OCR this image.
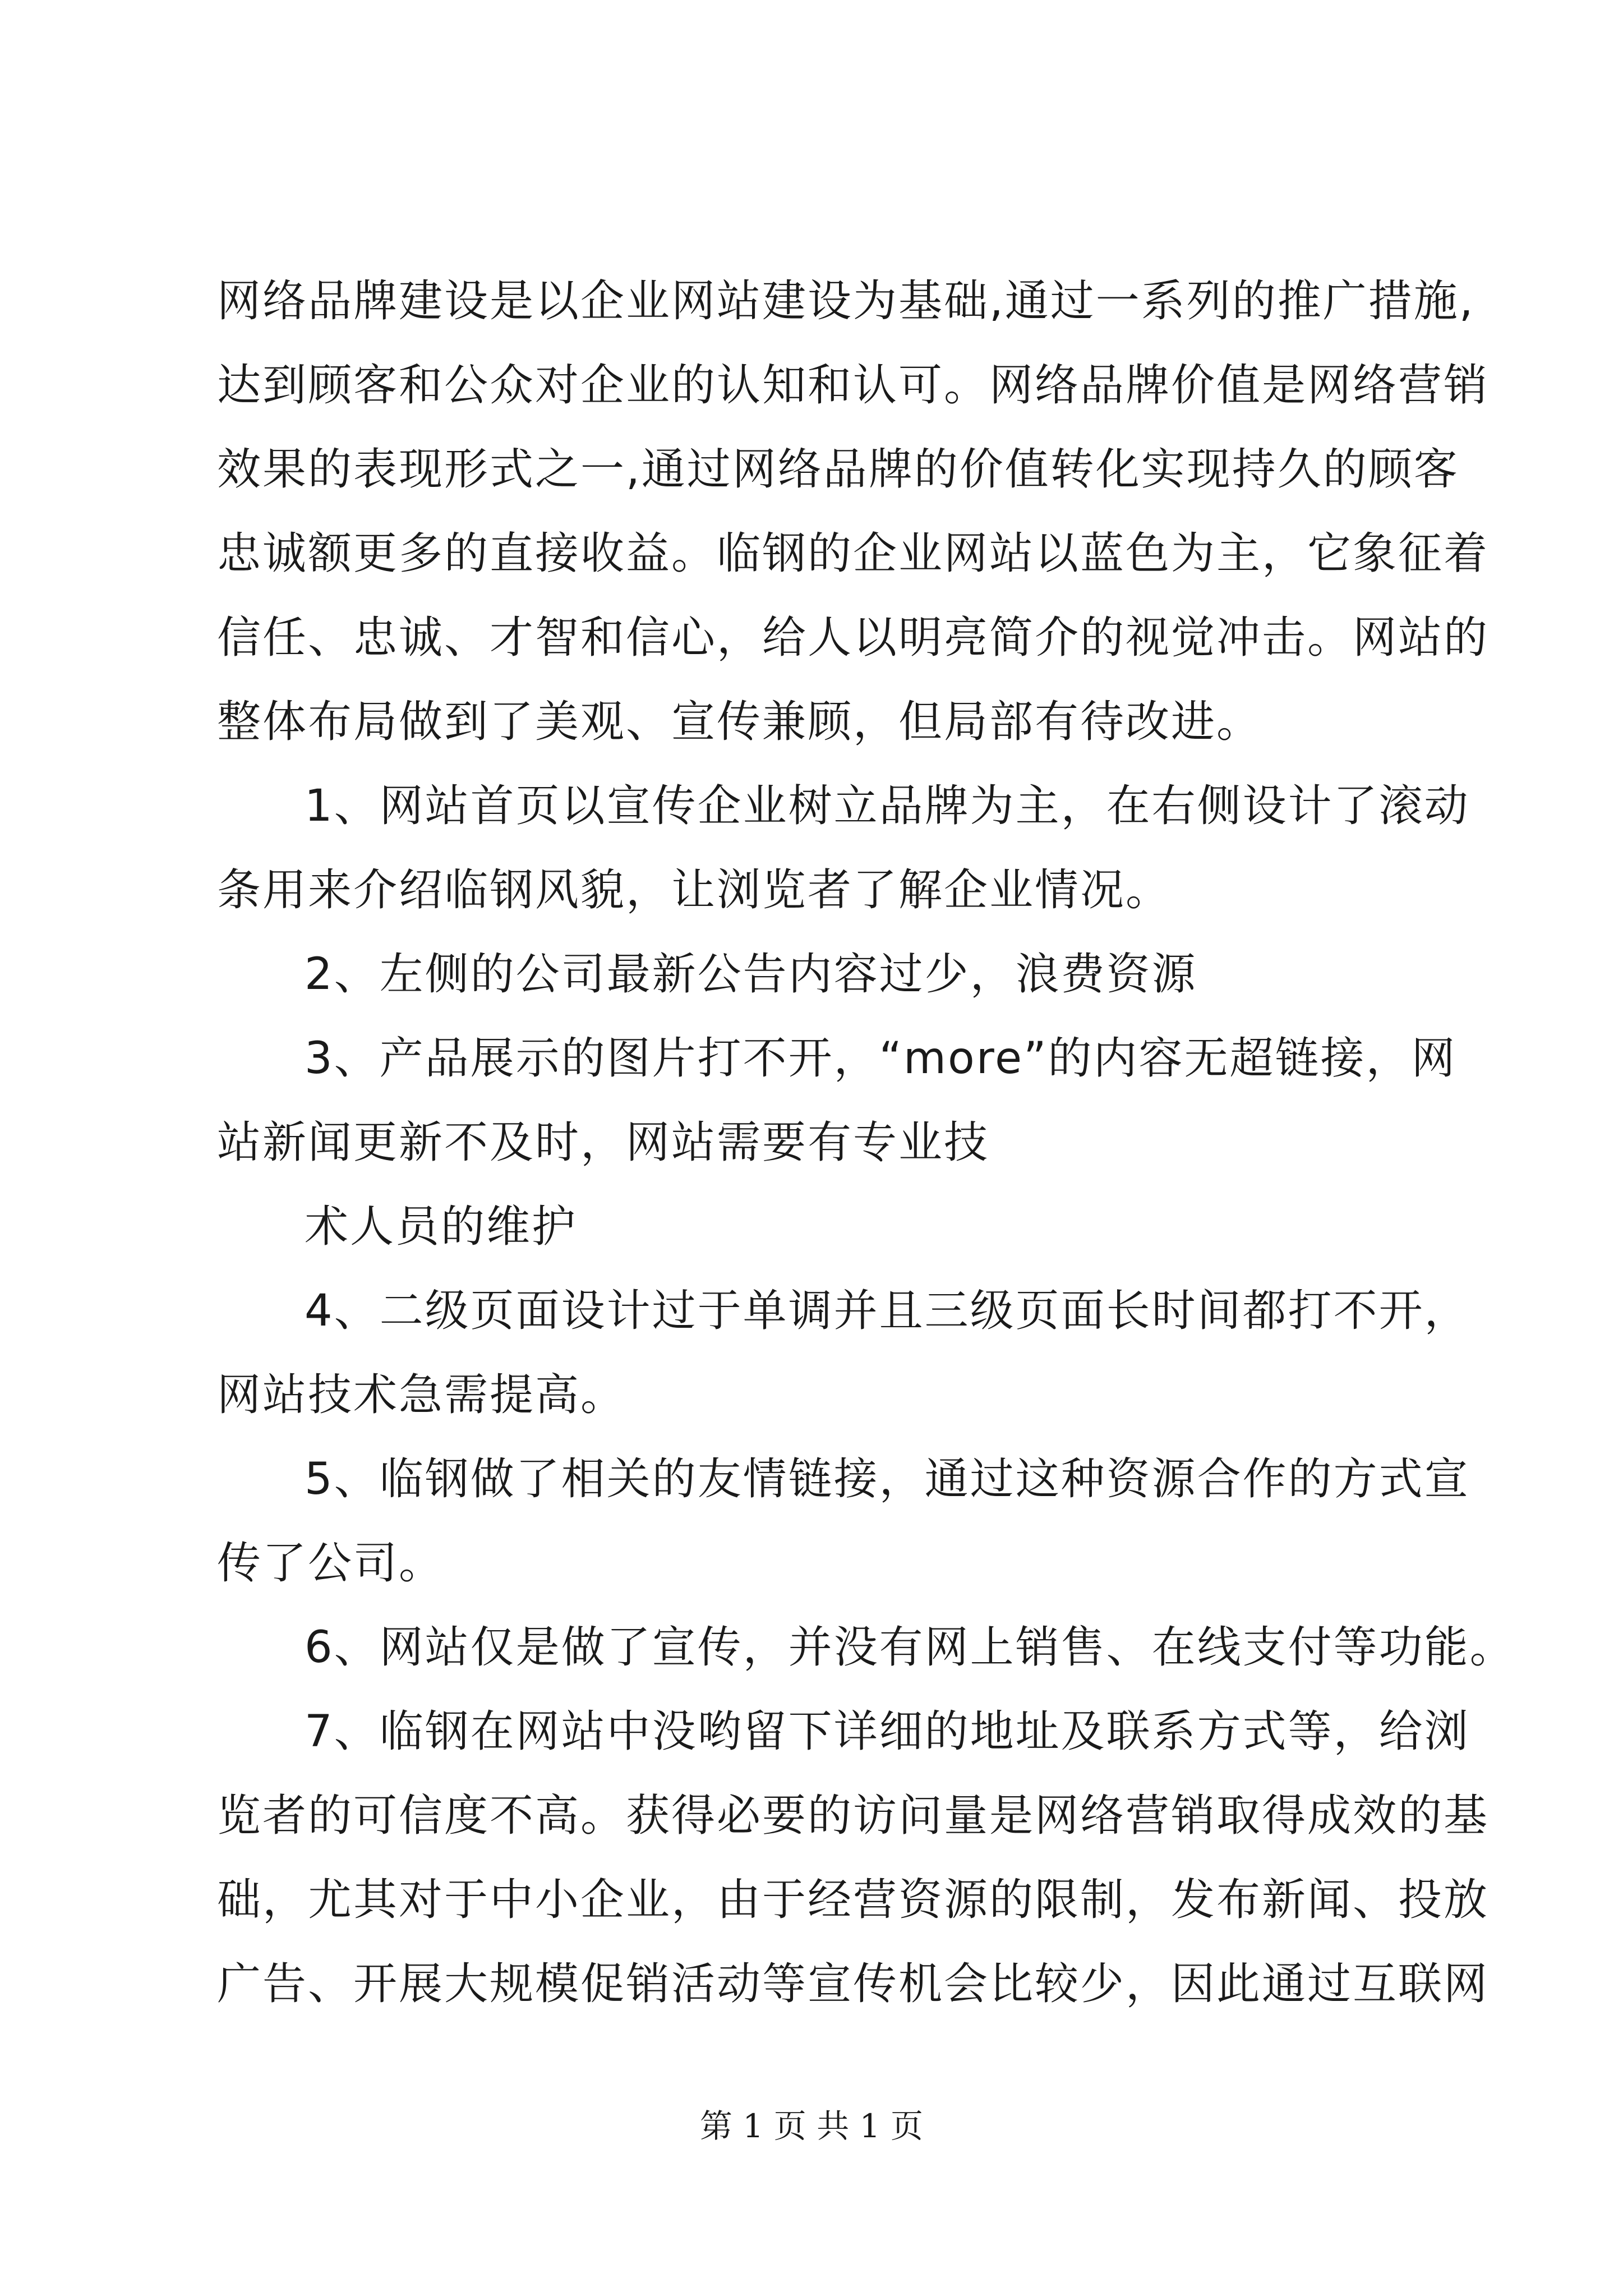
网络品牌建设是以企业网站建设为基础,通过一系列的推广措施,
达到顾客和公众对企业的认知和认可。网络品牌价值是网络营销
效果的表现形式之一,通过网络品牌的价值转化实现持久的顾客
忠诚额更多的直接收益。临钢的企业网站以蓝色为主，它象征着
信任、忠诚、才智和信心，给人以明亮简介的视觉冲击。网站的
整体布局做到了美观、宣传兼顾，但局部有待改进。
1、网站首页以宣传企业树立品牌为主，在右侧设计了滚动
条用来介绍临钢风貌，让浏览者了解企业情况。
2、左侧的公司最新公告内容过少，浪费资源
3、产品展示的图片打不开，“more”的内容无超链接，网
站新闻更新不及时，网站需要有专业技
术人员的维护
4、二级页面设计过于单调并且三级页面长时间都打不开，
网站技术急需提高。
5、临钢做了相关的友情链接，通过这种资源合作的方式宣
传了公司。
6、网站仅是做了宣传，并没有网上销售、在线支付等功能。
7、临钢在网站中没哟留下详细的地址及联系方式等，给浏
览者的可信度不高。获得必要的访问量是网络营销取得成效的基
础，尤其对于中小企业，由于经营资源的限制，发布新闻、投放
广告、开展大规模促销活动等宣传机会比较少，因此通过互联网
第 1 页 共 1 页
